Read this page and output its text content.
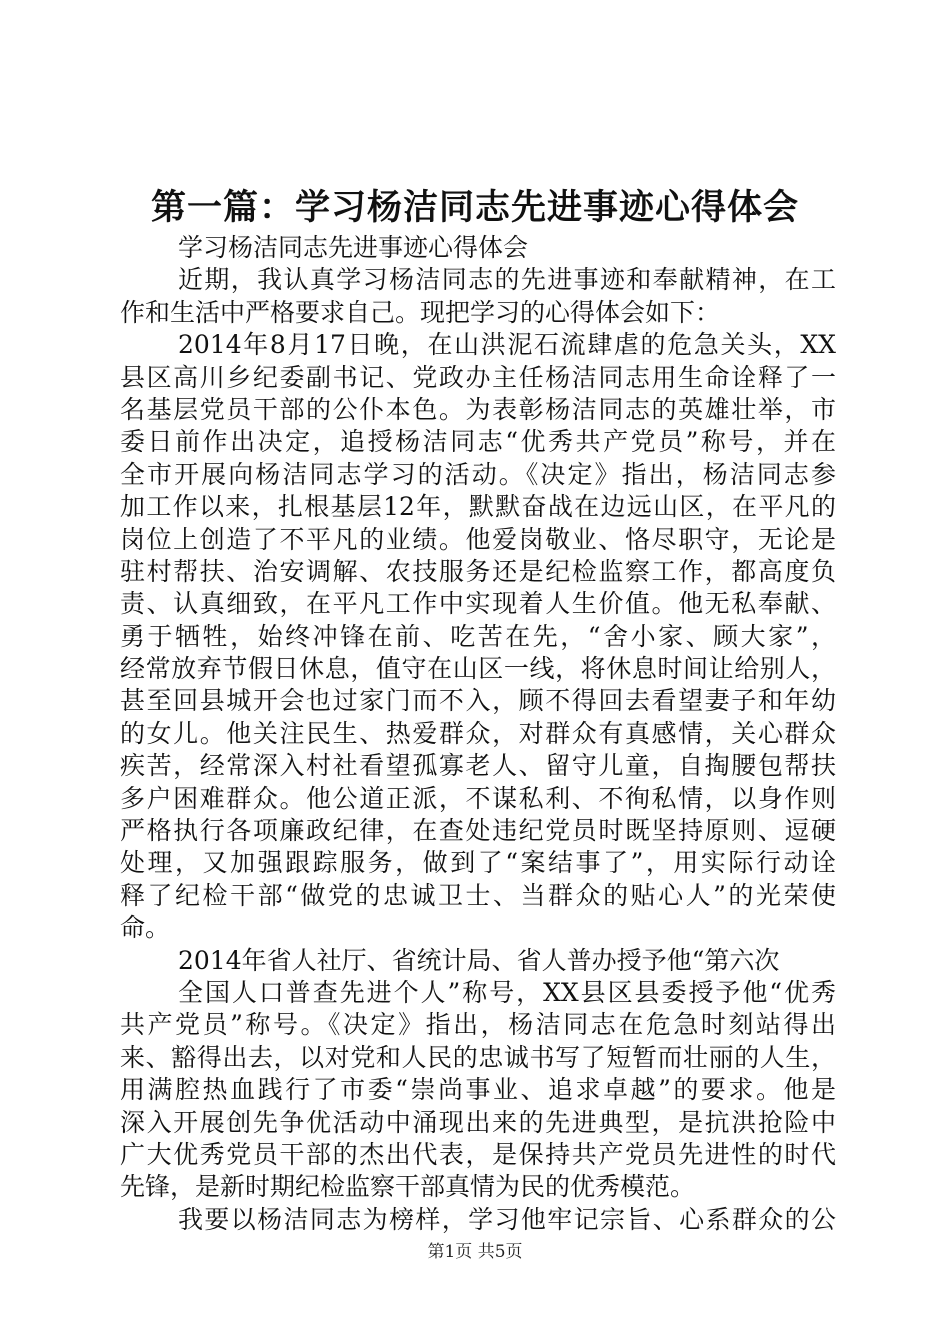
第一篇：学习杨洁同志先进事迹心得体会
学习杨洁同志先进事迹心得体会
近期，我认真学习杨洁同志的先进事迹和奉献精神，在工
作和生活中严格要求自己。现把学习的心得体会如下：
2014年8月17日晚，在山洪泥石流肆虐的危急关头，XX
县区高川乡纪委副书记、党政办主任杨洁同志用生命诠释了一
名基层党员干部的公仆本色。为表彰杨洁同志的英雄壮举，市
委日前作出决定，追授杨洁同志“优秀共产党员”称号，并在
全市开展向杨洁同志学习的活动。《决定》指出，杨洁同志参
加工作以来，扎根基层12年，默默奋战在边远山区，在平凡的
岗位上创造了不平凡的业绩。他爱岗敬业、恪尽职守，无论是
驻村帮扶、治安调解、农技服务还是纪检监察工作，都高度负
责、认真细致，在平凡工作中实现着人生价值。他无私奉献、
勇于牺牲，始终冲锋在前、吃苦在先，“舍小家、顾大家”，
经常放弃节假日休息，值守在山区一线，将休息时间让给别人，
甚至回县城开会也过家门而不入，顾不得回去看望妻子和年幼
的女儿。他关注民生、热爱群众，对群众有真感情，关心群众
疾苦，经常深入村社看望孤寡老人、留守儿童，自掏腰包帮扶
多户困难群众。他公道正派，不谋私利、不徇私情，以身作则
严格执行各项廉政纪律，在查处违纪党员时既坚持原则、逗硬
处理，又加强跟踪服务，做到了“案结事了”，用实际行动诠
释了纪检干部“做党的忠诚卫士、当群众的贴心人”的光荣使
命。
2014年省人社厅、省统计局、省人普办授予他“第六次
全国人口普查先进个人”称号，XX县区县委授予他“优秀
共产党员”称号。《决定》指出，杨洁同志在危急时刻站得出
来、豁得出去，以对党和人民的忠诚书写了短暂而壮丽的人生，
用满腔热血践行了市委“崇尚事业、追求卓越”的要求。他是
深入开展创先争优活动中涌现出来的先进典型，是抗洪抢险中
广大优秀党员干部的杰出代表，是保持共产党员先进性的时代
先锋，是新时期纪检监察干部真情为民的优秀模范。
我要以杨洁同志为榜样，学习他牢记宗旨、心系群众的公
第1页 共5页
